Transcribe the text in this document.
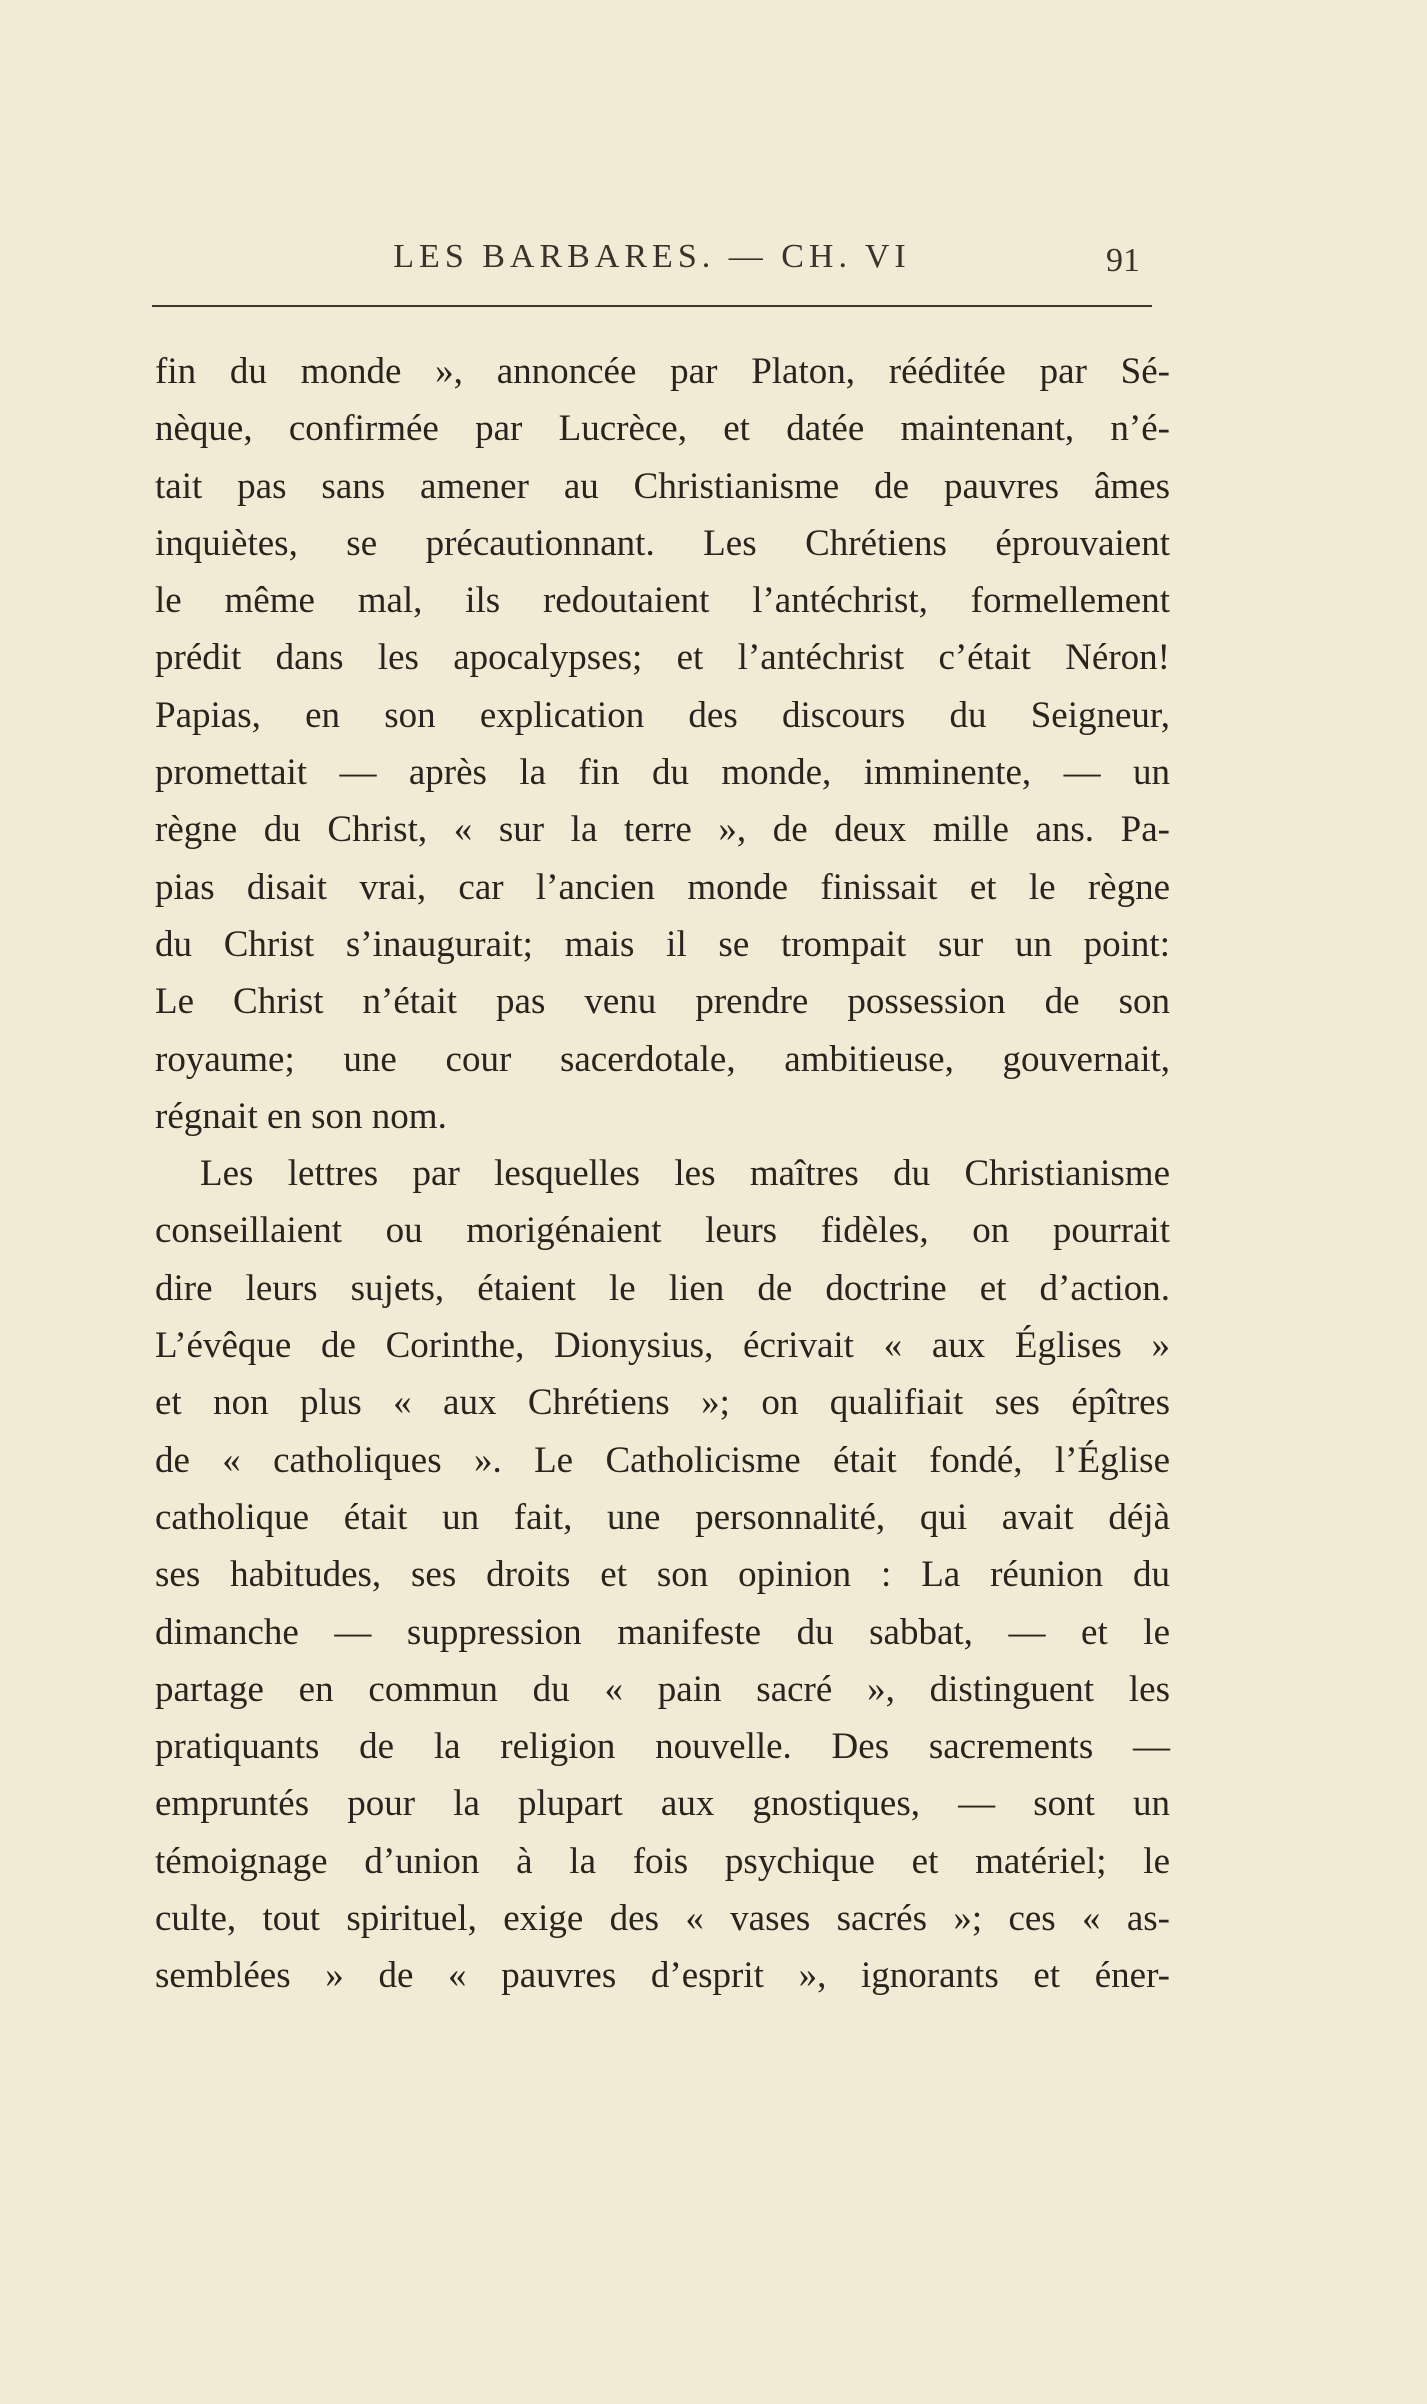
LES BARBARES. — CH. VI	91
fin du monde », annoncée par Platon, rééditée par Sé-
nèque, confirmée par Lucrèce, et datée maintenant, n’é-
tait pas sans amener au Christianisme de pauvres âmes
inquiètes, se précautionnant. Les Chrétiens éprouvaient
le même mal, ils redoutaient l’antéchrist, formellement
prédit dans les apocalypses; et l’antéchrist c’était Néron!
Papias, en son explication des discours du Seigneur,
promettait — après la fin du monde, imminente, — un
règne du Christ, « sur la terre », de deux mille ans. Pa-
pias disait vrai, car l’ancien monde finissait et le règne
du Christ s’inaugurait; mais il se trompait sur un point:
Le Christ n’était pas venu prendre possession de son
royaume; une cour sacerdotale, ambitieuse, gouvernait,
régnait en son nom.
Les lettres par lesquelles les maîtres du Christianisme
conseillaient ou morigénaient leurs fidèles, on pourrait
dire leurs sujets, étaient le lien de doctrine et d’action.
L’évêque de Corinthe, Dionysius, écrivait « aux Églises »
et non plus « aux Chrétiens »; on qualifiait ses épîtres
de « catholiques ». Le Catholicisme était fondé, l’Église
catholique était un fait, une personnalité, qui avait déjà
ses habitudes, ses droits et son opinion : La réunion du
dimanche — suppression manifeste du sabbat, — et le
partage en commun du « pain sacré », distinguent les
pratiquants de la religion nouvelle. Des sacrements —
empruntés pour la plupart aux gnostiques, — sont un
témoignage d’union à la fois psychique et matériel; le
culte, tout spirituel, exige des « vases sacrés »; ces « as-
semblées » de « pauvres d’esprit », ignorants et éner-
